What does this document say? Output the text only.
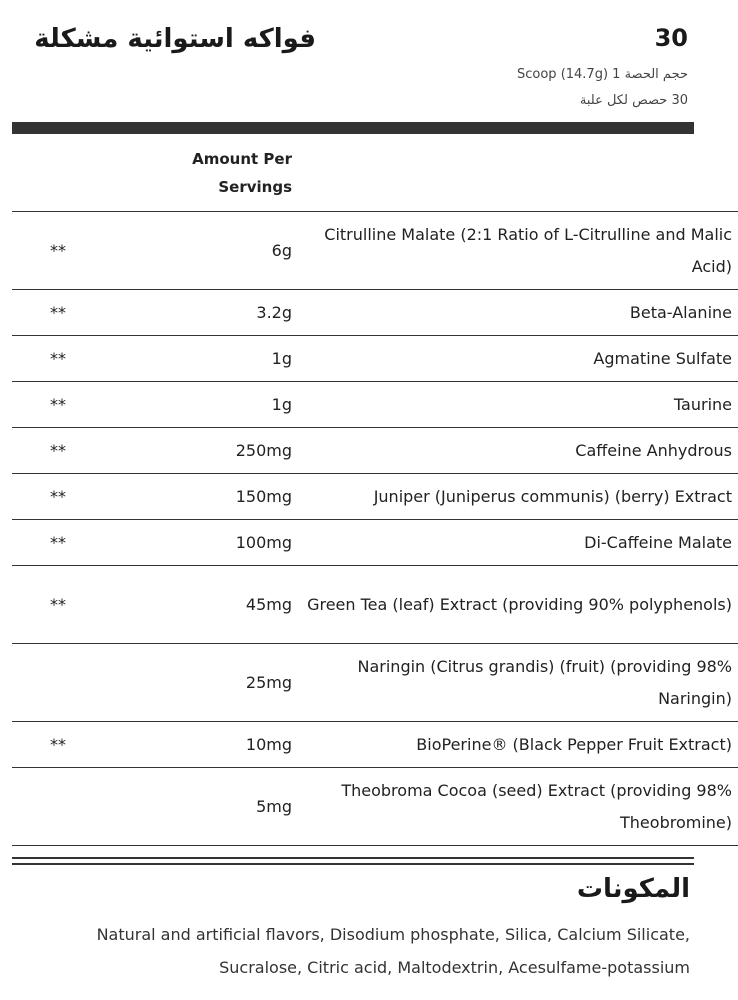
فواكه استوائية مشكلة	30
Scoop (14.7g) 1 حجم الحصة
30 حصص لكل علبة

	Amount Per Servings	

**	6g	Citrulline Malate (2:1 Ratio of L-Citrulline and Malic Acid)
**	3.2g	Beta-Alanine
**	1g	Agmatine Sulfate
**	1g	Taurine
**	250mg	Caffeine Anhydrous
**	150mg	Juniper (Juniperus communis) (berry) Extract
**	100mg	Di-Caffeine Malate
**	45mg	Green Tea (leaf) Extract (providing 90% polyphenols)
	25mg	Naringin (Citrus grandis) (fruit) (providing 98% Naringin)
**	10mg	BioPerine® (Black Pepper Fruit Extract)
	5mg	Theobroma Cocoa (seed) Extract (providing 98% Theobromine)
المكونات
Natural and artificial flavors, Disodium phosphate, Silica, Calcium Silicate, Sucralose, Citric acid, Maltodextrin, Acesulfame-potassium
